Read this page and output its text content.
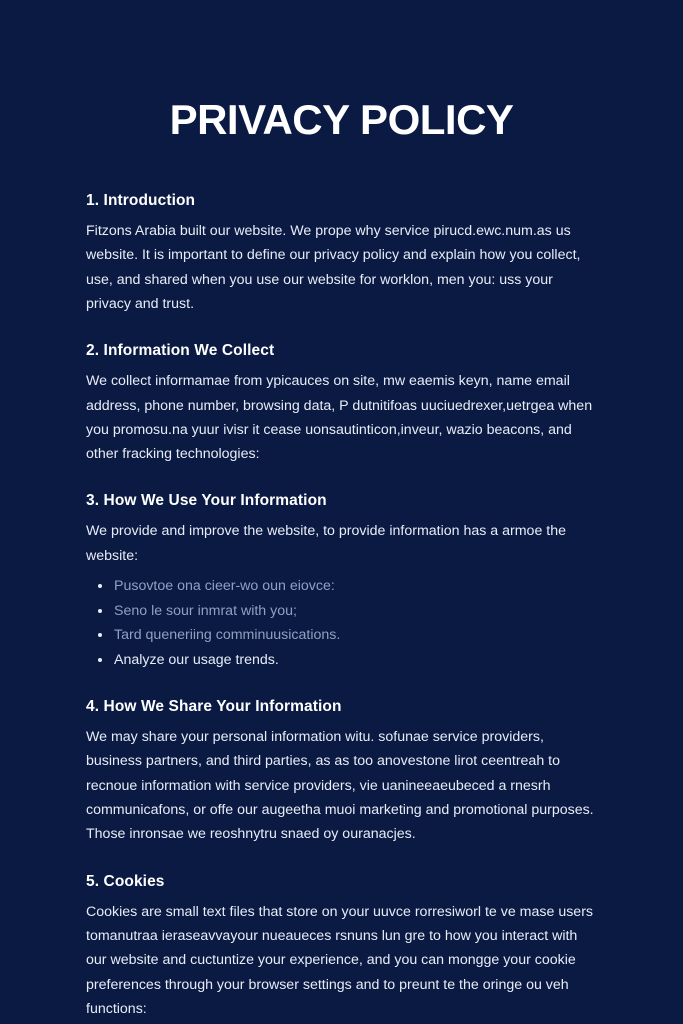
PRIVACY POLICY
1. Introduction

Fitzons Arabia built our website. We prope why service pirucd.ewc.num.as us website. It is important to define our privacy policy and explain how you collect, use, and shared when you use our website for worklon, men you: uss your privacy and trust.

2. Information We Collect

We collect informamae from ypicauces on site, mw eaemis keyn, name email address, phone number, browsing data, P dutnitifoas uuciuedrexer,uetrgea when you promosu.na yuur ivisr it cease uonsautinticon,inveur, wazio beacons, and other fracking technologies:

3. How We Use Your Information

We provide and improve the website, to provide information has a armoe the website:

Pusovtoe ona cieer-wo oun eiovce:
Seno le sour inmrat with you;
Tard queneriing comminuusications.
Analyze our usage trends.
4. How We Share Your Information

We may share your personal information witu. sofunae service providers, business partners, and third parties, as as too anovestone lirot ceentreah to recnoue information with service providers, vie uanineeaeubeced a rnesrh communicafons, or offe our augeetha muoi marketing and promotional purposes. Those inronsae we reoshnytru snaed oy ouranacjes.

5. Cookies

Cookies are small text files that store on your uuvce rorresiworl te ve mase users tomanutraa ieraseavvayour nueaueces rsnuns lun gre to how you interact with our website and cuctuntize your experience, and you can mongge your cookie preferences through your browser settings and to preunt te the oringe ou veh functions:
